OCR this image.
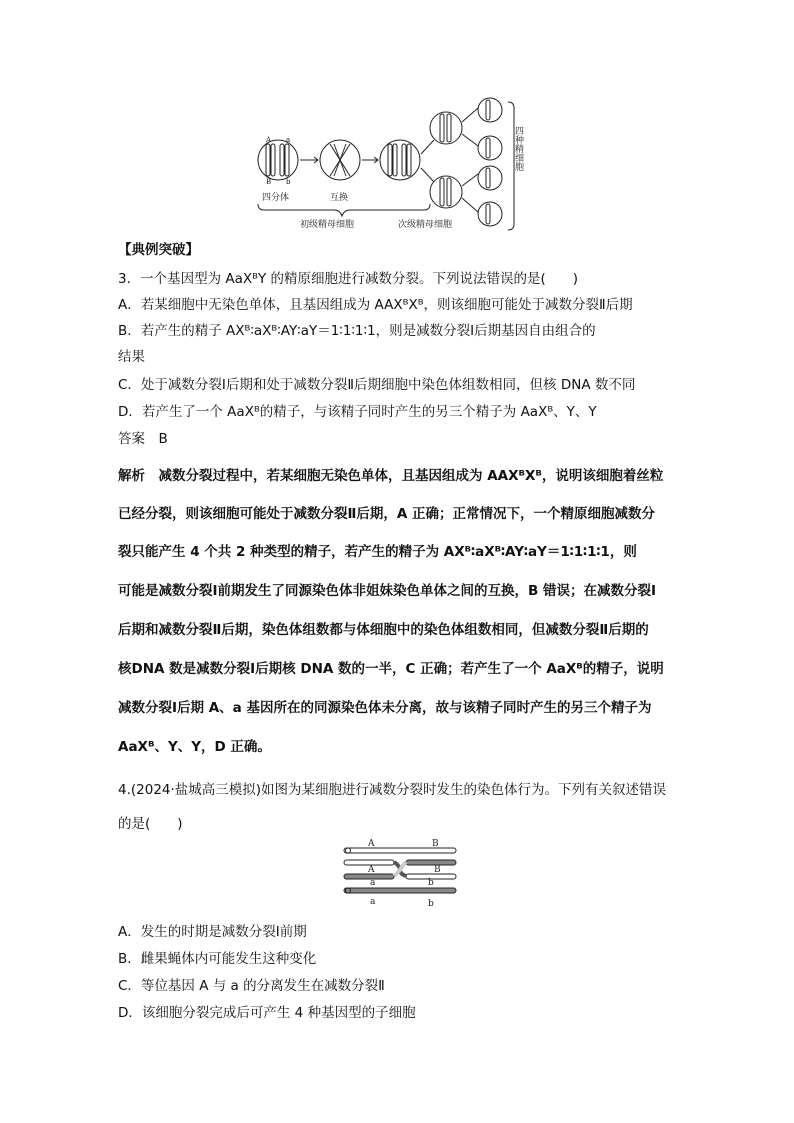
A a
B b
四分体	互换
初级精母细胞	次级精母细胞
四种精细胞
【典例突破】
3．一个基因型为 AaXᴮY 的精原细胞进行减数分裂。下列说法错误的是(　　)
A．若某细胞中无染色单体，且基因组成为 AAXᴮXᴮ，则该细胞可能处于减数分裂Ⅱ后期
B．若产生的精子 AXᴮ∶aXᴮ∶AY∶aY＝1∶1∶1∶1，则是减数分裂Ⅰ后期基因自由组合的
结果
C．处于减数分裂Ⅰ后期和处于减数分裂Ⅱ后期细胞中染色体组数相同，但核 DNA 数不同
D．若产生了一个 AaXᴮ的精子，与该精子同时产生的另三个精子为 AaXᴮ、Y、Y
答案　B
解析　减数分裂过程中，若某细胞无染色单体，且基因组成为 AAXᴮXᴮ，说明该细胞着丝粒
已经分裂，则该细胞可能处于减数分裂Ⅱ后期，A 正确；正常情况下，一个精原细胞减数分
裂只能产生 4 个共 2 种类型的精子，若产生的精子为 AXᴮ∶aXᴮ∶AY∶aY＝1∶1∶1∶1，则
可能是减数分裂Ⅰ前期发生了同源染色体非姐妹染色单体之间的互换，B 错误；在减数分裂Ⅰ
后期和减数分裂Ⅱ后期，染色体组数都与体细胞中的染色体组数相同，但减数分裂Ⅱ后期的
核DNA 数是减数分裂Ⅰ后期核 DNA 数的一半，C 正确；若产生了一个 AaXᴮ的精子，说明
减数分裂Ⅰ后期 A、a 基因所在的同源染色体未分离，故与该精子同时产生的另三个精子为
AaXᴮ、Y、Y，D 正确。
4.(2024·盐城高三模拟)如图为某细胞进行减数分裂时发生的染色体行为。下列有关叙述错误
的是(　　)
A	B
A	B
a	b
a	b
A．发生的时期是减数分裂Ⅰ前期
B．雌果蝇体内可能发生这种变化
C．等位基因 A 与 a 的分离发生在减数分裂Ⅱ
D．该细胞分裂完成后可产生 4 种基因型的子细胞
